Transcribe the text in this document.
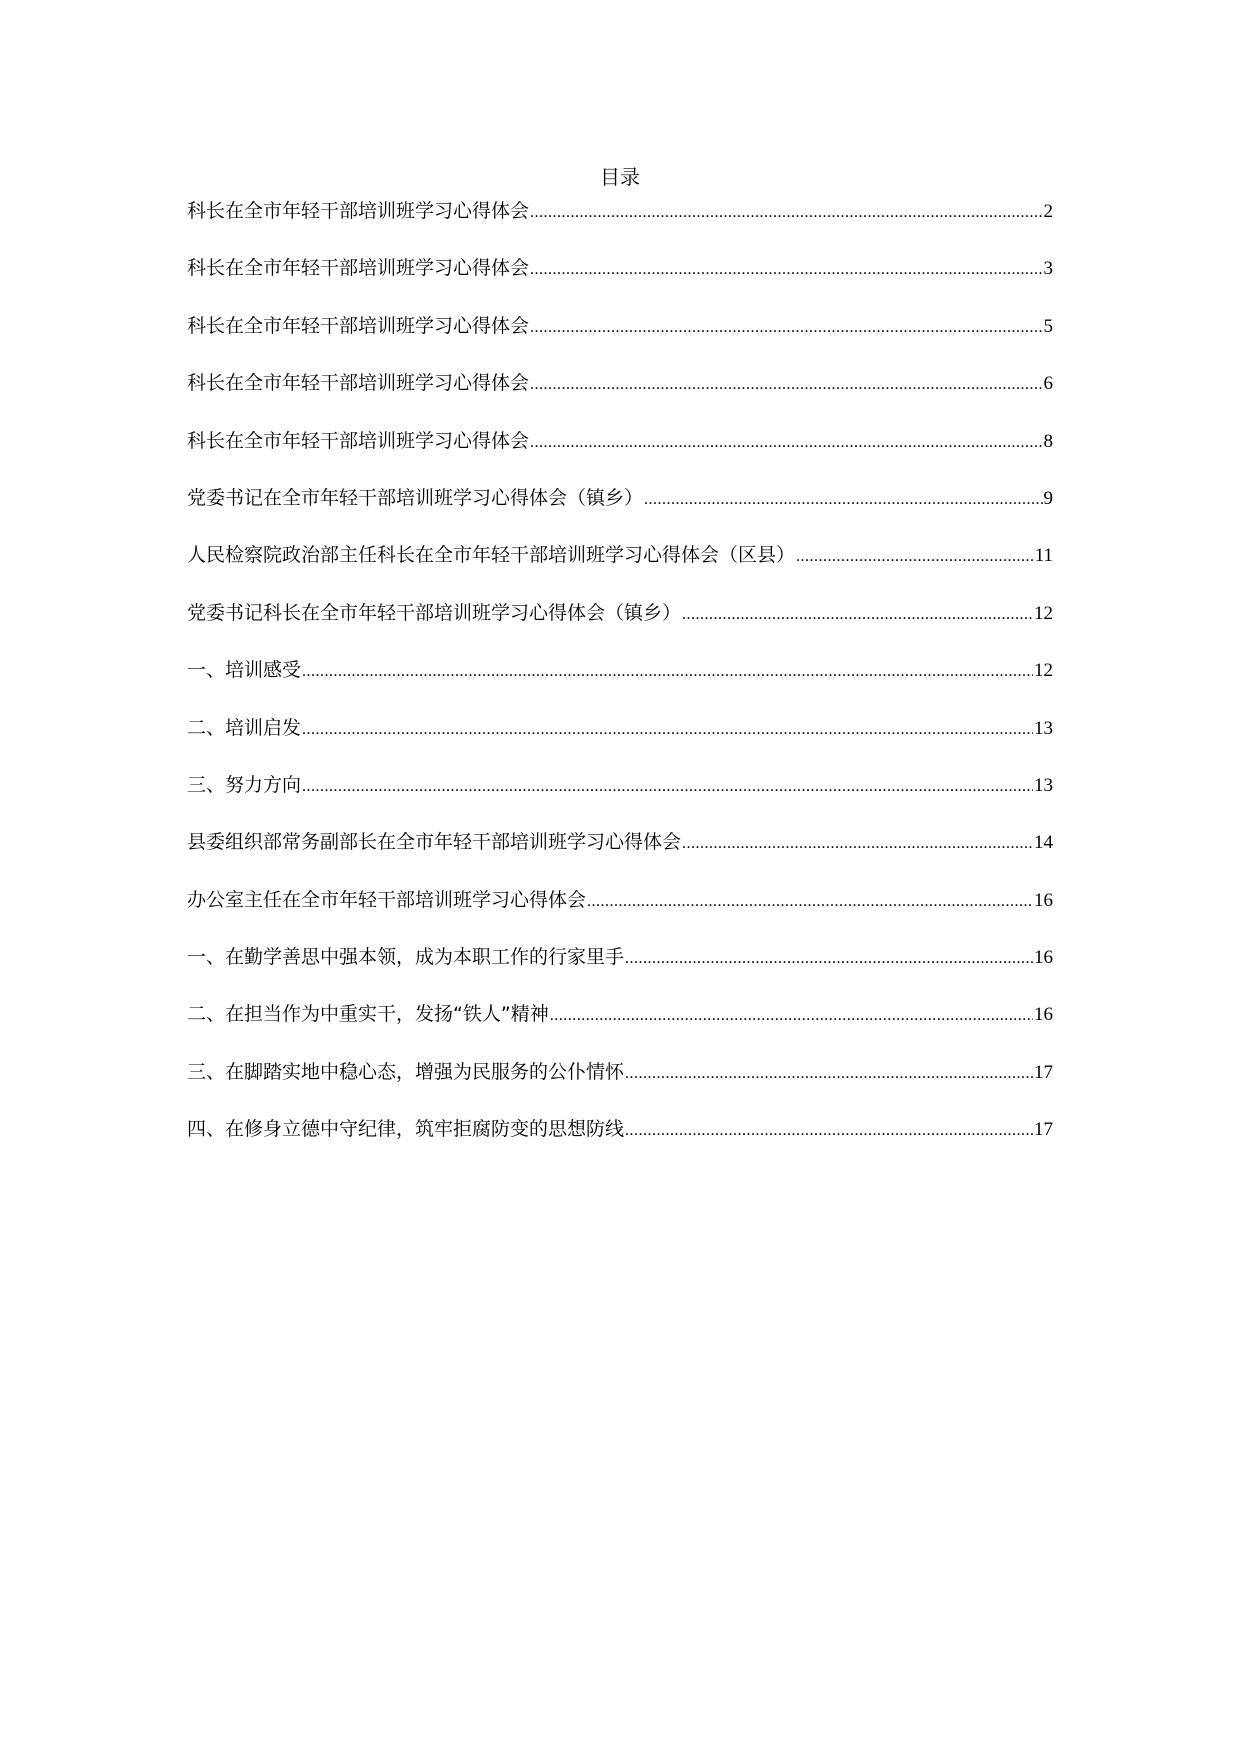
目录
科长在全市年轻干部培训班学习心得体会 .....	2
科长在全市年轻干部培训班学习心得体会 .....	3
科长在全市年轻干部培训班学习心得体会 .....	5
科长在全市年轻干部培训班学习心得体会 .....	6
科长在全市年轻干部培训班学习心得体会 .....	8
党委书记在全市年轻干部培训班学习心得体会（镇乡） .....	9
人民检察院政治部主任科长在全市年轻干部培训班学习心得体会（区县） .....	11
党委书记科长在全市年轻干部培训班学习心得体会（镇乡） .....	12
一、培训感受 .....	12
二、培训启发 .....	13
三、努力方向 .....	13
县委组织部常务副部长在全市年轻干部培训班学习心得体会 .....	14
办公室主任在全市年轻干部培训班学习心得体会 .....	16
一、在勤学善思中强本领，成为本职工作的行家里手 .....	16
二、在担当作为中重实干，发扬“铁人”精神 .....	16
三、在脚踏实地中稳心态，增强为民服务的公仆情怀 .....	17
四、在修身立德中守纪律，筑牢拒腐防变的思想防线 .....	17
